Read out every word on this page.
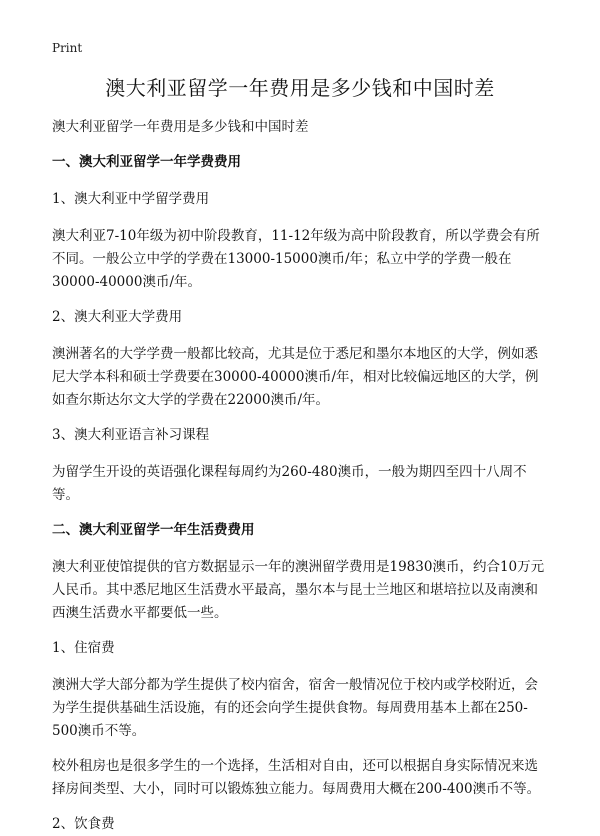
Print
澳大利亚留学一年费用是多少钱和中国时差

澳大利亚留学一年费用是多少钱和中国时差

一、澳大利亚留学一年学费费用

1、澳大利亚中学留学费用

澳大利亚7-10年级为初中阶段教育，11-12年级为高中阶段教育，所以学费会有所不同。一般公立中学的学费在13000-15000澳币/年；私立中学的学费一般在30000-40000澳币/年。

2、澳大利亚大学费用

澳洲著名的大学学费一般都比较高，尤其是位于悉尼和墨尔本地区的大学，例如悉尼大学本科和硕士学费要在30000-40000澳币/年，相对比较偏远地区的大学，例如查尔斯达尔文大学的学费在22000澳币/年。

3、澳大利亚语言补习课程

为留学生开设的英语强化课程每周约为260-480澳币，一般为期四至四十八周不等。

二、澳大利亚留学一年生活费费用

澳大利亚使馆提供的官方数据显示一年的澳洲留学费用是19830澳币，约合10万元人民币。其中悉尼地区生活费水平最高，墨尔本与昆士兰地区和堪培拉以及南澳和西澳生活费水平都要低一些。

1、住宿费

澳洲大学大部分都为学生提供了校内宿舍，宿舍一般情况位于校内或学校附近，会为学生提供基础生活设施，有的还会向学生提供食物。每周费用基本上都在250-500澳币不等。

校外租房也是很多学生的一个选择，生活相对自由，还可以根据自身实际情况来选择房间类型、大小，同时可以锻炼独立能力。每周费用大概在200-400澳币不等。

2、饮食费
